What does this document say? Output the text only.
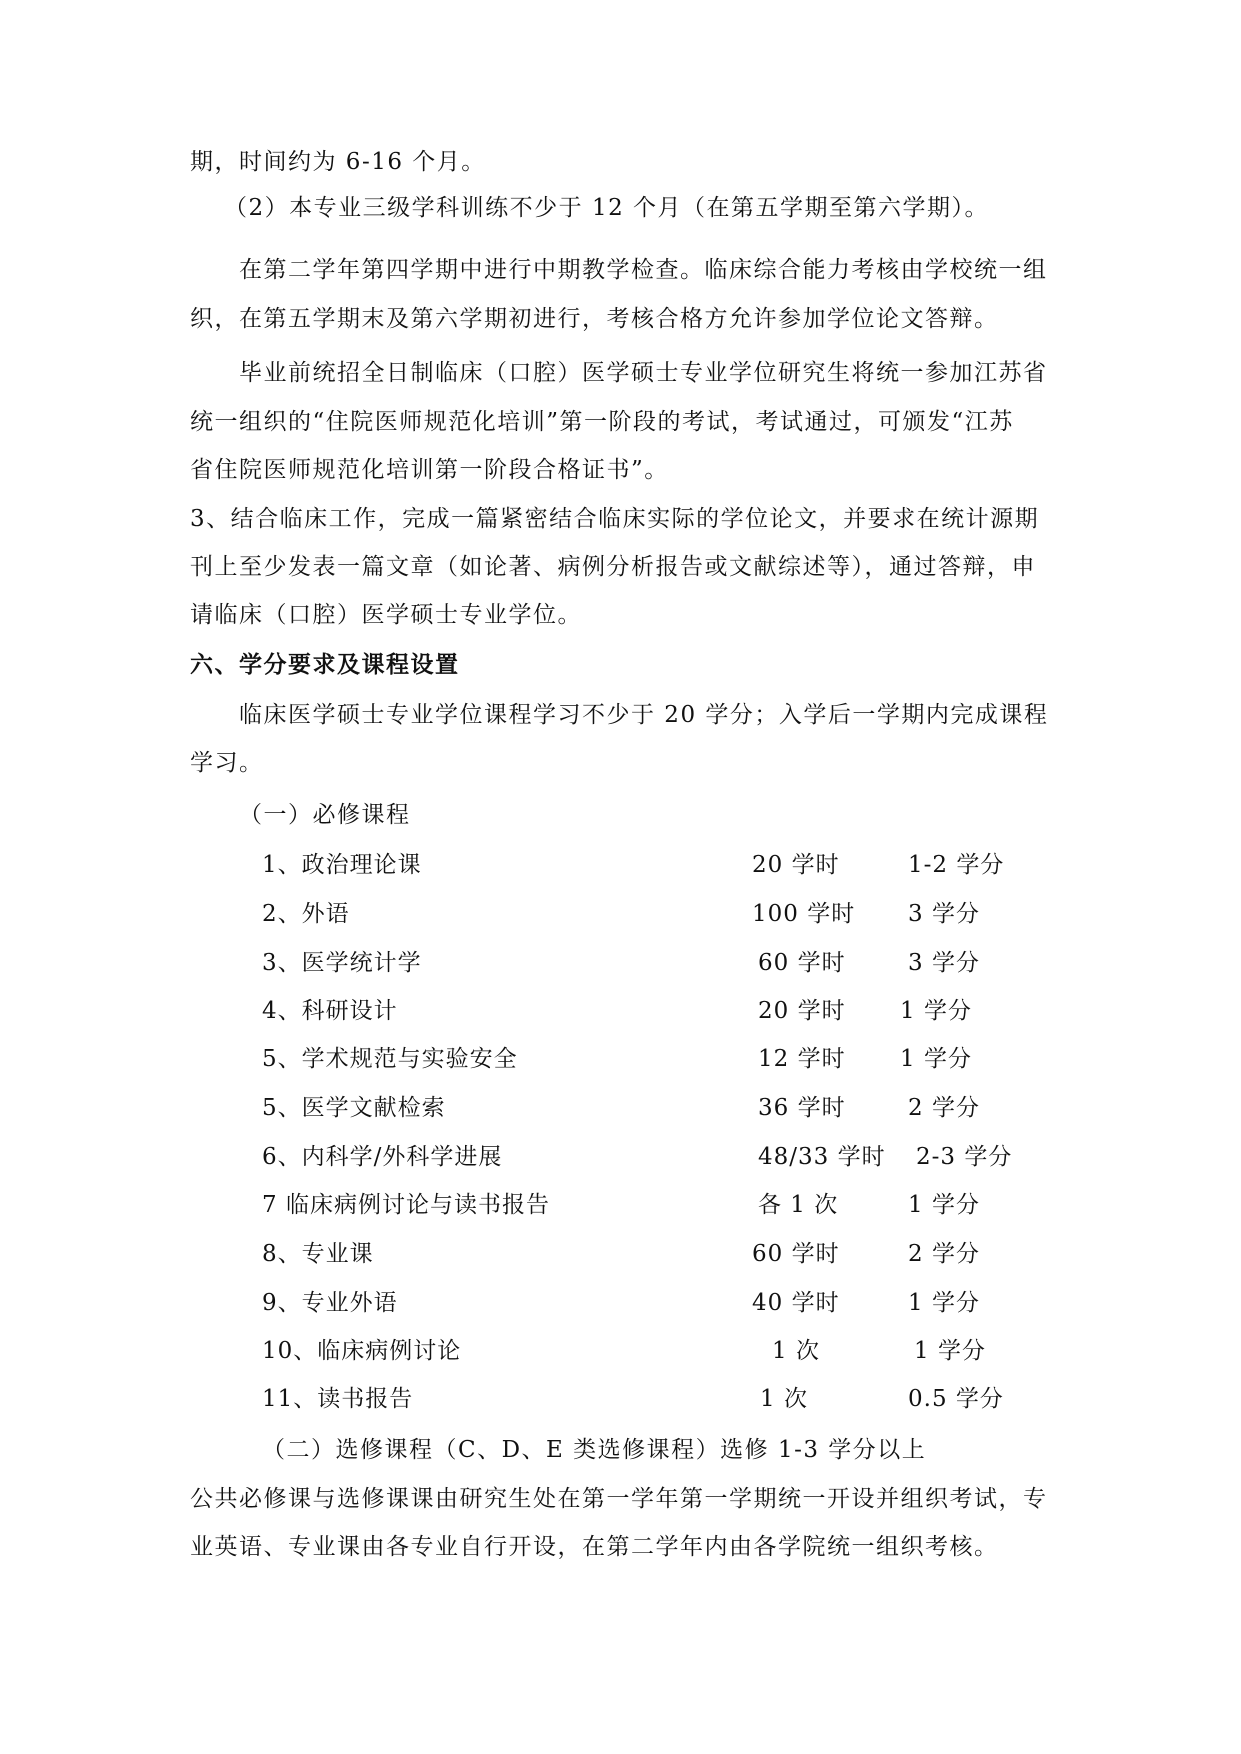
期，时间约为 6-16 个月。
（2）本专业三级学科训练不少于 12 个月（在第五学期至第六学期）。
在第二学年第四学期中进行中期教学检查。临床综合能力考核由学校统一组
织，在第五学期末及第六学期初进行，考核合格方允许参加学位论文答辩。
毕业前统招全日制临床（口腔）医学硕士专业学位研究生将统一参加江苏省
统一组织的“住院医师规范化培训”第一阶段的考试，考试通过，可颁发“江苏
省住院医师规范化培训第一阶段合格证书”。
3、结合临床工作，完成一篇紧密结合临床实际的学位论文，并要求在统计源期
刊上至少发表一篇文章（如论著、病例分析报告或文献综述等），通过答辩，申
请临床（口腔）医学硕士专业学位。
六、学分要求及课程设置
临床医学硕士专业学位课程学习不少于 20 学分；入学后一学期内完成课程
学习。
（一）必修课程
1、政治理论课	20 学时	1-2 学分
2、外语	100 学时 3 学分
3、医学统计学	60 学时	3 学分
4、科研设计	20 学时 1 学分
5、学术规范与实验安全	12 学时 1 学分
5、医学文献检索	36 学时	2 学分
6、内科学/外科学进展	48/33 学时 2-3 学分
7 临床病例讨论与读书报告	各 1 次	1 学分
8、专业课	60 学时	2 学分
9、专业外语	40 学时	1 学分
10、临床病例讨论	1 次	1 学分
11、读书报告	1 次	0.5 学分
（二）选修课程（C、D、E 类选修课程）选修 1-3 学分以上
公共必修课与选修课课由研究生处在第一学年第一学期统一开设并组织考试，专
业英语、专业课由各专业自行开设，在第二学年内由各学院统一组织考核。
